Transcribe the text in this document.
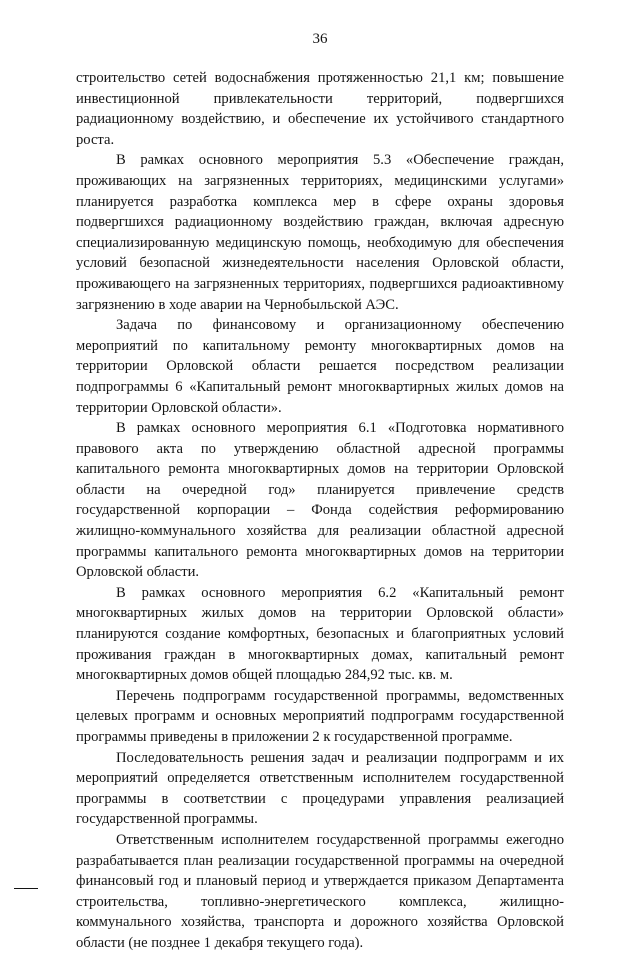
36

строительство сетей водоснабжения протяженностью 21,1 км; повышение инвестиционной привлекательности территорий, подвергшихся радиационному воздействию, и обеспечение их устойчивого стандартного роста.

В рамках основного мероприятия 5.3 «Обеспечение граждан, проживающих на загрязненных территориях, медицинскими услугами» планируется разработка комплекса мер в сфере охраны здоровья подвергшихся радиационному воздействию граждан, включая адресную специализированную медицинскую помощь, необходимую для обеспечения условий безопасной жизнедеятельности населения Орловской области, проживающего на загрязненных территориях, подвергшихся радиоактивному загрязнению в ходе аварии на Чернобыльской АЭС.

Задача по финансовому и организационному обеспечению мероприятий по капитальному ремонту многоквартирных домов на территории Орловской области решается посредством реализации подпрограммы 6 «Капитальный ремонт многоквартирных жилых домов на территории Орловской области».

В рамках основного мероприятия 6.1 «Подготовка нормативного правового акта по утверждению областной адресной программы капитального ремонта многоквартирных домов на территории Орловской области на очередной год» планируется привлечение средств государственной корпорации – Фонда содействия реформированию жилищно-коммунального хозяйства для реализации областной адресной программы капитального ремонта многоквартирных домов на территории Орловской области.

В рамках основного мероприятия 6.2 «Капитальный ремонт многоквартирных жилых домов на территории Орловской области» планируются создание комфортных, безопасных и благоприятных условий проживания граждан в многоквартирных домах, капитальный ремонт многоквартирных домов общей площадью 284,92 тыс. кв. м.

Перечень подпрограмм государственной программы, ведомственных целевых программ и основных мероприятий подпрограмм государственной программы приведены в приложении 2 к государственной программе.

Последовательность решения задач и реализации подпрограмм и их мероприятий определяется ответственным исполнителем государственной программы в соответствии с процедурами управления реализацией государственной программы.

Ответственным исполнителем государственной программы ежегодно разрабатывается план реализации государственной программы на очередной финансовый год и плановый период и утверждается приказом Департамента строительства, топливно-энергетического комплекса, жилищно-коммунального хозяйства, транспорта и дорожного хозяйства Орловской области (не позднее 1 декабря текущего года).
